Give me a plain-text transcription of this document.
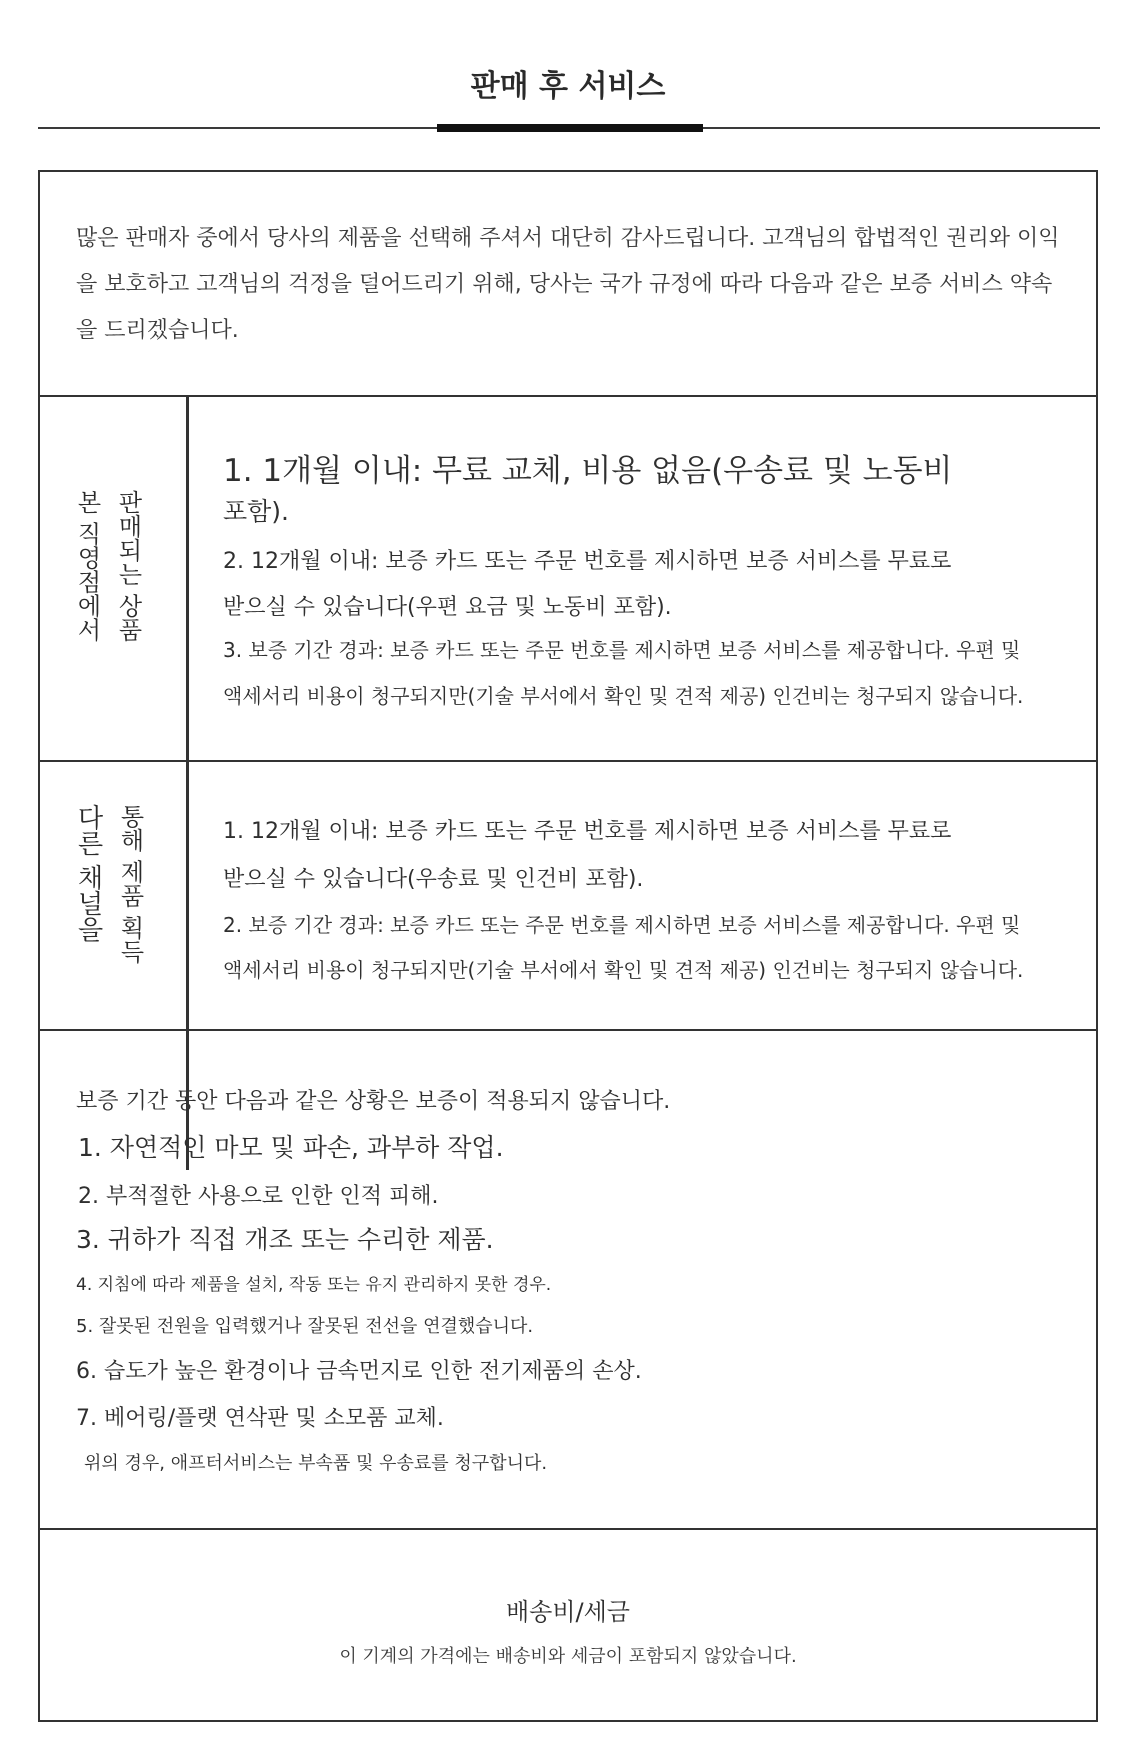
판매 후 서비스
많은 판매자 중에서 당사의 제품을 선택해 주셔서 대단히 감사드립니다. 고객님의 합법적인 권리와 이익을 보호하고 고객님의 걱정을 덜어드리기 위해, 당사는 국가 규정에 따라 다음과 같은 보증 서비스 약속을 드리겠습니다.
판매되는 상품
본 직영점에서
1. 1개월 이내: 무료 교체, 비용 없음(우송료 및 노동비
포함).
2. 12개월 이내: 보증 카드 또는 주문 번호를 제시하면 보증 서비스를 무료로
받으실 수 있습니다(우편 요금 및 노동비 포함).
3. 보증 기간 경과: 보증 카드 또는 주문 번호를 제시하면 보증 서비스를 제공합니다. 우편 및
액세서리 비용이 청구되지만(기술 부서에서 확인 및 견적 제공) 인건비는 청구되지 않습니다.
통해 제품 획득
다른 채널을	1. 12개월 이내: 보증 카드 또는 주문 번호를 제시하면 보증 서비스를 무료로
받으실 수 있습니다(우송료 및 인건비 포함).
2. 보증 기간 경과: 보증 카드 또는 주문 번호를 제시하면 보증 서비스를 제공합니다. 우편 및
액세서리 비용이 청구되지만(기술 부서에서 확인 및 견적 제공) 인건비는 청구되지 않습니다.
보증 기간 동안 다음과 같은 상황은 보증이 적용되지 않습니다.
1. 자연적인 마모 및 파손, 과부하 작업.
2. 부적절한 사용으로 인한 인적 피해.
3. 귀하가 직접 개조 또는 수리한 제품.
4. 지침에 따라 제품을 설치, 작동 또는 유지 관리하지 못한 경우.
5. 잘못된 전원을 입력했거나 잘못된 전선을 연결했습니다.
6. 습도가 높은 환경이나 금속먼지로 인한 전기제품의 손상.
7. 베어링/플랫 연삭판 및 소모품 교체.
위의 경우, 애프터서비스는 부속품 및 우송료를 청구합니다.
배송비/세금
이 기계의 가격에는 배송비와 세금이 포함되지 않았습니다.
